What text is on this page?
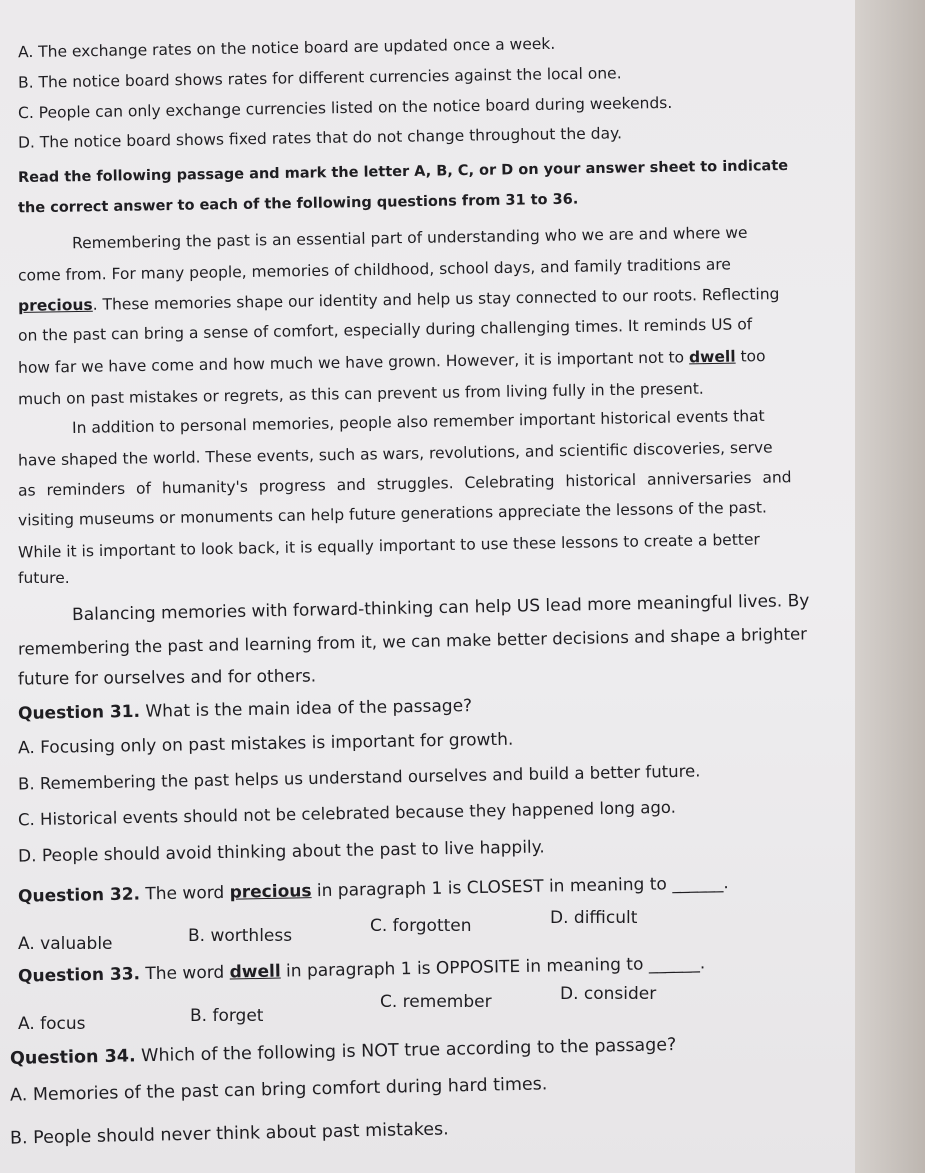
A. The exchange rates on the notice board are updated once a week.
B. The notice board shows rates for different currencies against the local one.
C. People can only exchange currencies listed on the notice board during weekends.
D. The notice board shows fixed rates that do not change throughout the day.
Read the following passage and mark the letter A, B, C, or D on your answer sheet to indicate
the correct answer to each of the following questions from 31 to 36.
Remembering the past is an essential part of understanding who we are and where we
come from. For many people, memories of childhood, school days, and family traditions are
precious. These memories shape our identity and help us stay connected to our roots. Reflecting
on the past can bring a sense of comfort, especially during challenging times. It reminds US of
how far we have come and how much we have grown. However, it is important not to dwell too
much on past mistakes or regrets, as this can prevent us from living fully in the present.
In addition to personal memories, people also remember important historical events that
have shaped the world. These events, such as wars, revolutions, and scientific discoveries, serve
as reminders of humanity's progress and struggles. Celebrating historical anniversaries and
visiting museums or monuments can help future generations appreciate the lessons of the past.
While it is important to look back, it is equally important to use these lessons to create a better
future.
Balancing memories with forward-thinking can help US lead more meaningful lives. By
remembering the past and learning from it, we can make better decisions and shape a brighter
future for ourselves and for others.
Question 31. What is the main idea of the passage?
A. Focusing only on past mistakes is important for growth.
B. Remembering the past helps us understand ourselves and build a better future.
C. Historical events should not be celebrated because they happened long ago.
D. People should avoid thinking about the past to live happily.
Question 32. The word precious in paragraph 1 is CLOSEST in meaning to ______.
A. valuable	B. worthless	C. forgotten	D. difficult
Question 33. The word dwell in paragraph 1 is OPPOSITE in meaning to ______.
A. focus	B. forget
C. remember	D. consider
Question 34. Which of the following is NOT true according to the passage?
A. Memories of the past can bring comfort during hard times.
B. People should never think about past mistakes.
